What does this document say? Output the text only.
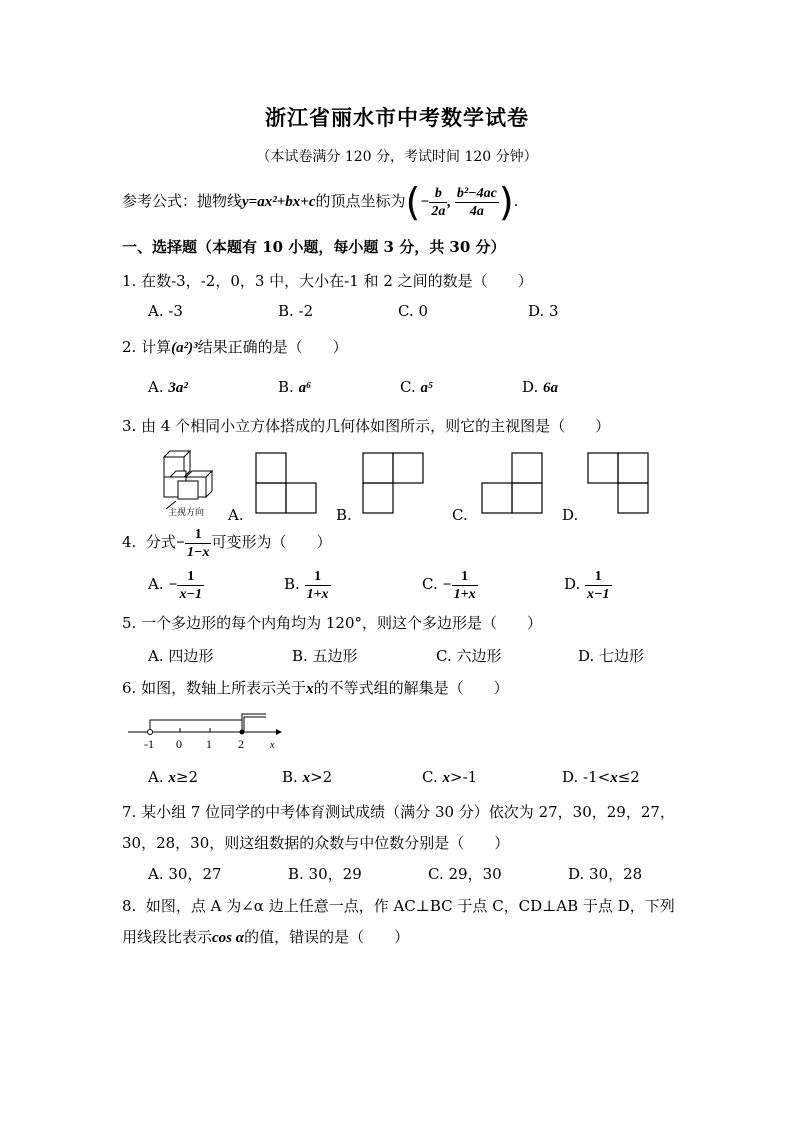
浙江省丽水市中考数学试卷
（本试卷满分 120 分，考试时间 120 分钟）
参考公式：抛物线y=ax²+bx+c的顶点坐标为(− $\frac{b}{2a}$ , $\frac{\text{b²−4ac}}{4a}$ ).
一、选择题（本题有 10 小题，每小题 3 分，共 30 分）
1. 在数-3，-2，0，3 中，大小在-1 和 2 之间的数是（　　）
A. -3	B. -2	C. 0	D. 3
2. 计算(a²)³结果正确的是（　　）
A. 3a²	B. a⁶	C. a⁵	D. 6a
3. 由 4 个相同小立方体搭成的几何体如图所示，则它的主视图是（　　）
主视方向 A.	B.	C.	D.
4. 分式− $\frac{1}{1-x}$ 可变形为（　　）
A. − $\frac{1}{x-1}$	B. $\frac{1}{1+x}$	C. − $\frac{1}{1+x}$	D. $\frac{1}{x-1}$
5. 一个多边形的每个内角均为 120°，则这个多边形是（　　）
A. 四边形	B. 五边形	C. 六边形	D. 七边形
6. 如图，数轴上所表示关于x的不等式组的解集是（　　）
-1 0 1 2	x
A. x≥2	B. x>2	C. x>-1	D. -1<x≤2
7. 某小组 7 位同学的中考体育测试成绩（满分 30 分）依次为 27，30，29，27，
30，28，30，则这组数据的众数与中位数分别是（　　）
A. 30，27	B. 30，29	C. 29，30	D. 30，28
8. 如图，点 A 为∠α 边上任意一点，作 AC⊥BC 于点 C，CD⊥AB 于点 D，下列
用线段比表示cos α的值，错误的是（　　）
